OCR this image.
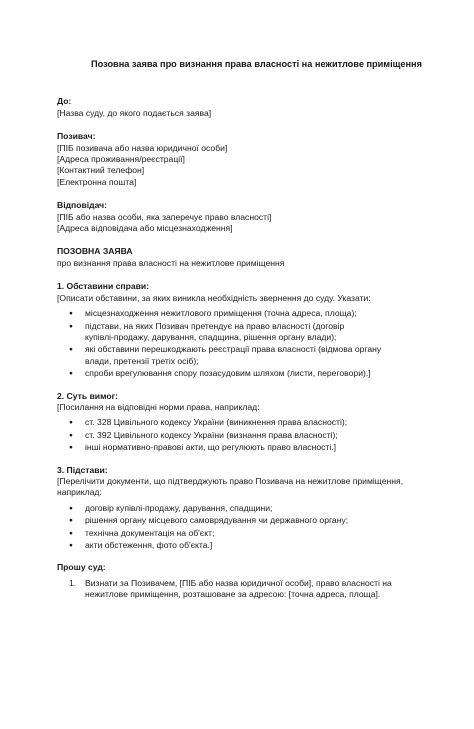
Позовна заява про визнання права власності на нежитлове приміщення
До:
[Назва суду, до якого подається заява]
Позивач:
[ПІБ позивача або назва юридичної особи]
[Адреса проживання/реєстрації]
[Контактний телефон]
[Електронна пошта]
Відповідач:
[ПІБ або назва особи, яка заперечує право власності]
[Адреса відповідача або місцезнаходження]
ПОЗОВНА ЗАЯВА
про визнання права власності на нежитлове приміщення
1. Обставини справи:
[Описати обставини, за яких виникла необхідність звернення до суду. Указати:
● місцезнаходження нежитлового приміщення (точна адреса, площа);
● підстави, на яких Позивач претендує на право власності (договір
купівлі-продажу, дарування, спадщина, рішення органу влади);
● які обставини перешкоджають реєстрації права власності (відмова органу
влади, претензії третіх осіб);
● спроби врегулювання спору позасудовим шляхом (листи, переговори).]
2. Суть вимог:
[Посилання на відповідні норми права, наприклад:
● ст. 328 Цивільного кодексу України (виникнення права власності);
● ст. 392 Цивільного кодексу України (визнання права власності);
● інші нормативно-правові акти, що регулюють право власності.]
3. Підстави:
[Перелічити документи, що підтверджують право Позивача на нежитлове приміщення,
наприклад:
● договір купівлі-продажу, дарування, спадщини;
● рішення органу місцевого самоврядування чи державного органу;
● технічна документація на об'єкт;
● акти обстеження, фото об'єкта.]
Прошу суд:
1. Визнати за Позивачем, [ПІБ або назва юридичної особи], право власності на
нежитлове приміщення, розташоване за адресою: [точна адреса, площа].
